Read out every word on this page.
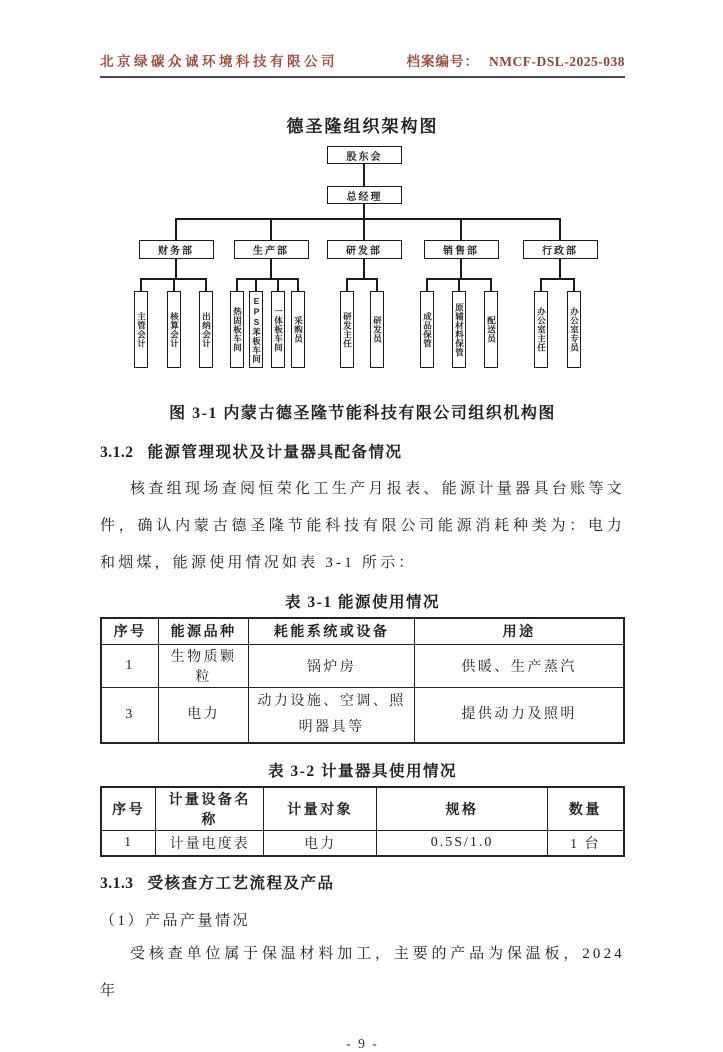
北京绿碳众诚环境科技有限公司	档案编号： NMCF-DSL-2025-038
德圣隆组织架构图
股东会
总经理
财务部	生产部	研发部	销售部	行政部
主管会计	核算会计	出纳会计 热固板车间 EPS苯板车间 一体板车间 采购员	研发主任 研发员	成品保管	原辅材料保管	配送员	办公室主任	办公室专员
图 3-1 内蒙古德圣隆节能科技有限公司组织机构图
3.1.2 能源管理现状及计量器具配备情况

核查组现场查阅恒荣化工生产月报表、能源计量器具台账等文件，确认内蒙古德圣隆节能科技有限公司能源消耗种类为：电力和烟煤，能源使用情况如表 3-1 所示：

表 3-1 能源使用情况
序号	能源品种	耗能系统或设备	用途
1	生物质颗粒	锅炉房	供暖、生产蒸汽
3	电力	动力设施、空调、照明器具等	提供动力及照明
表 3-2 计量器具使用情况
序号	计量设备名称	计量对象	规格	数量
1	计量电度表	电力	0.5S/1.0	1 台
3.1.3 受核查方工艺流程及产品

（1）产品产量情况

受核查单位属于保温材料加工，主要的产品为保温板，2024 年

- 9 -
